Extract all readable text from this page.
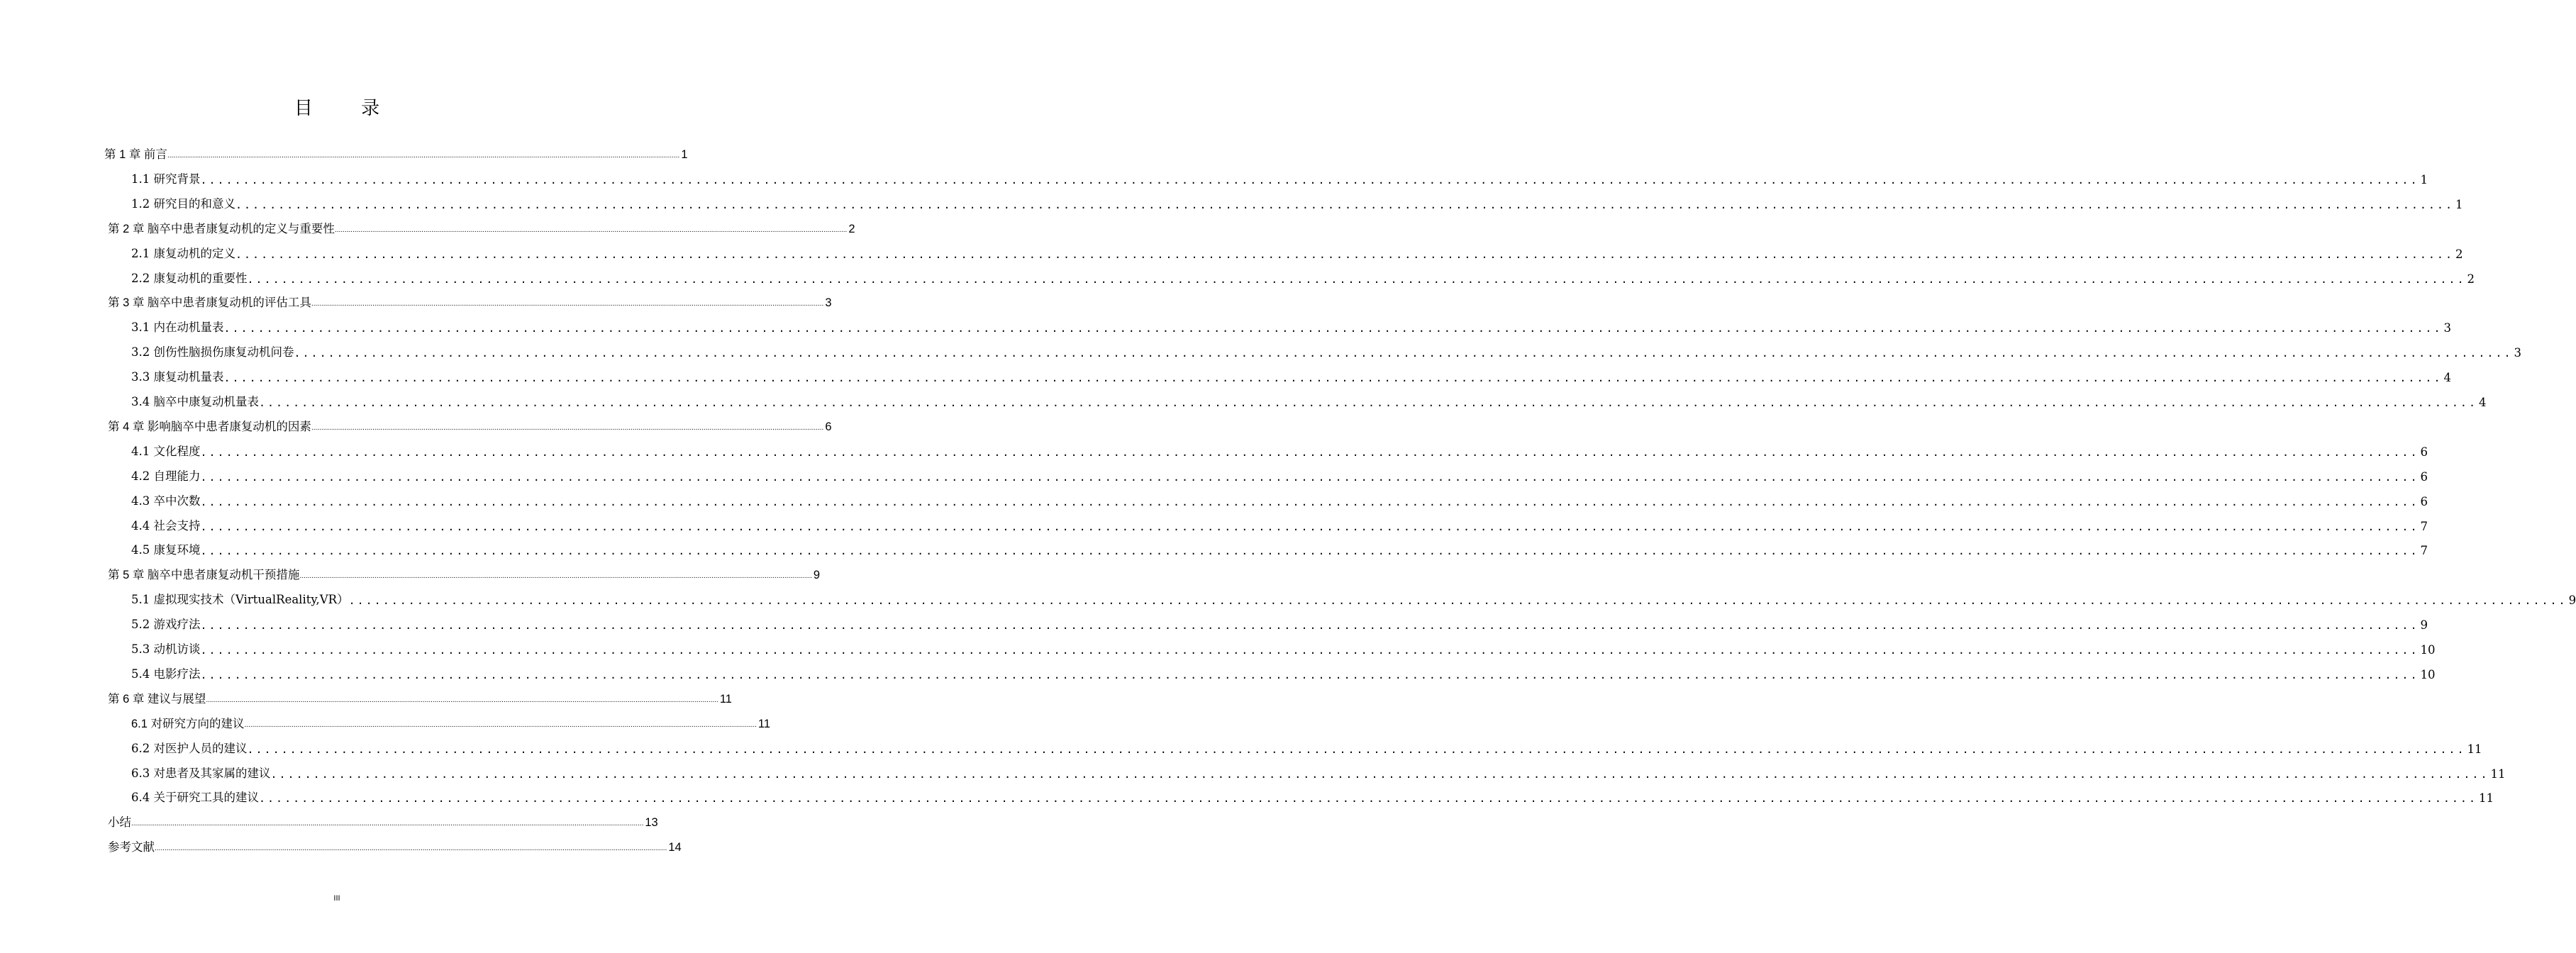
目 录
第 1 章 前言 .................................................................................................................................................................................................................................................................... 1
1.1 研究背景 .................................................................................................................................................................................................................................................................... 1
1.2 研究目的和意义 .................................................................................................................................................................................................................................................................... 1
第 2 章 脑卒中患者康复动机的定义与重要性 .................................................................................................................................................................................................................................................................... 2
2.1 康复动机的定义 .................................................................................................................................................................................................................................................................... 2
2.2 康复动机的重要性 .................................................................................................................................................................................................................................................................... 2
第 3 章 脑卒中患者康复动机的评估工具 .................................................................................................................................................................................................................................................................... 3
3.1 内在动机量表 .................................................................................................................................................................................................................................................................... 3
3.2 创伤性脑损伤康复动机问卷 .................................................................................................................................................................................................................................................................... 3
3.3 康复动机量表 .................................................................................................................................................................................................................................................................... 4
3.4 脑卒中康复动机量表 .................................................................................................................................................................................................................................................................... 4
第 4 章 影响脑卒中患者康复动机的因素 .................................................................................................................................................................................................................................................................... 6
4.1 文化程度 .................................................................................................................................................................................................................................................................... 6
4.2 自理能力 .................................................................................................................................................................................................................................................................... 6
4.3 卒中次数 .................................................................................................................................................................................................................................................................... 6
4.4 社会支持 .................................................................................................................................................................................................................................................................... 7
4.5 康复环境 .................................................................................................................................................................................................................................................................... 7
第 5 章 脑卒中患者康复动机干预措施 .................................................................................................................................................................................................................................................................... 9
5.1 虚拟现实技术（VirtualReality,VR） .................................................................................................................................................................................................................................................................... 9
5.2 游戏疗法 .................................................................................................................................................................................................................................................................... 9
5.3 动机访谈 .................................................................................................................................................................................................................................................................... 10
5.4 电影疗法 .................................................................................................................................................................................................................................................................... 10
第 6 章 建议与展望 .................................................................................................................................................................................................................................................................... 11
6.1 对研究方向的建议 .................................................................................................................................................................................................................................................................... 11
6.2 对医护人员的建议 .................................................................................................................................................................................................................................................................... 11
6.3 对患者及其家属的建议 .................................................................................................................................................................................................................................................................... 11
6.4 关于研究工具的建议 .................................................................................................................................................................................................................................................................... 11
小结 .................................................................................................................................................................................................................................................................... 13
参考文献 .................................................................................................................................................................................................................................................................... 14
III
